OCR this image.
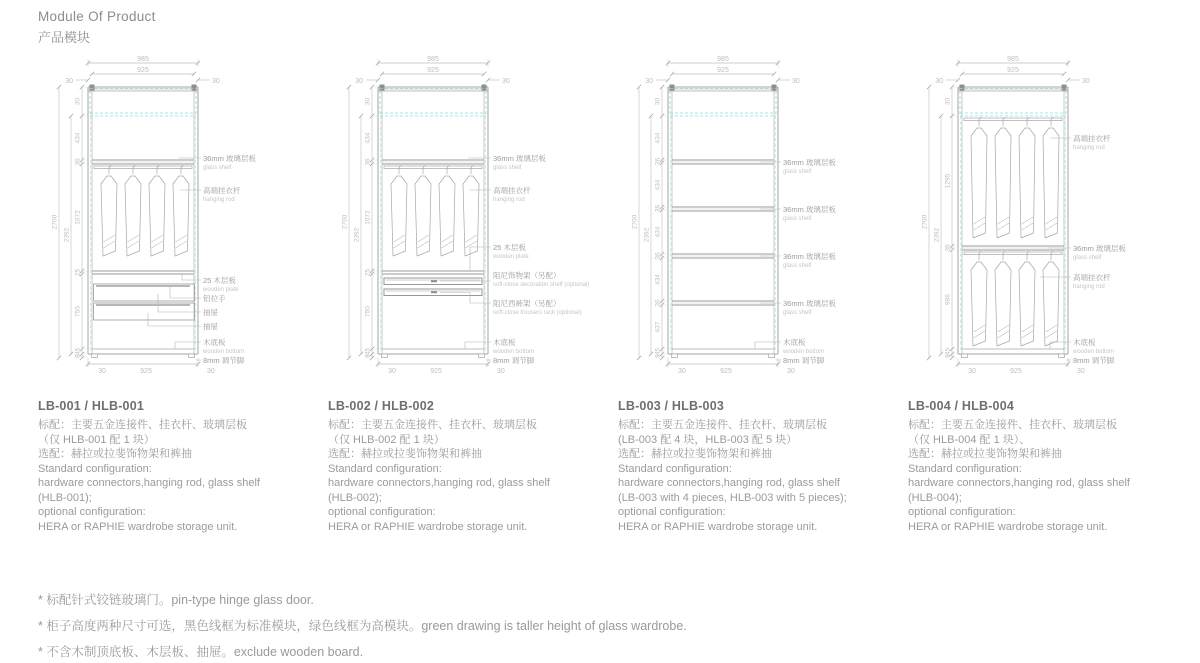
Module Of Product
产品模块
985
925
30	30
30
434
36
1072
25
750
45
8
2392
2700
30	925	30
36mm 玻璃层板
glass shelf
高端挂衣杆
hanging rod
25 木层板
wooden plate
铝拉手
抽屉
抽屉
木底板
wooden bottom
8mm 调节脚
LB-001 / HLB-001

标配：主要五金连接件、挂衣杆、玻璃层板

（仅 HLB-001 配 1 块）

选配：赫拉或拉斐饰物架和裤抽

Standard configuration:

hardware connectors,hanging rod, glass shelf

(HLB-001);

optional configuration:

HERA or RAPHIE wardrobe storage unit.

985
925
30	30
30
434
36
1072
25
750
45
8
2392
2700
30	925	30
36mm 玻璃层板
glass shelf
高端挂衣杆
hanging rod
25 木层板
wooden plate
阻尼饰物架（另配）
soft-close decoration shelf (optional)
阻尼西裤架（另配）
soft-close trousers rack (optional)
木底板
wooden bottom
8mm 调节脚
LB-002 / HLB-002

标配：主要五金连接件、挂衣杆、玻璃层板

（仅 HLB-002 配 1 块）

选配：赫拉或拉斐饰物架和裤抽

Standard configuration:

hardware connectors,hanging rod, glass shelf

(HLB-002);

optional configuration:

HERA or RAPHIE wardrobe storage unit.

985
925
30	30
30
434
36
434
36
434
36
434
36
437
45
8
2392
2700
30	925	30
36mm 玻璃层板
glass shelf
36mm 玻璃层板
glass shelf
36mm 玻璃层板
glass shelf
36mm 玻璃层板
glass shelf
木底板
wooden bottom
8mm 调节脚
LB-003 / HLB-003

标配：主要五金连接件、挂衣杆、玻璃层板

(LB-003 配 4 块，HLB-003 配 5 块）

选配：赫拉或拉斐饰物架和裤抽

Standard configuration:

hardware connectors,hanging rod, glass shelf

(LB-003 with 4 pieces, HLB-003 with 5 pieces);

optional configuration:

HERA or RAPHIE wardrobe storage unit.

985
925
30	30
30
1295
36
986
45
8
2392
2700
30	925	30
高端挂衣杆
hanging rod
36mm 玻璃层板
glass shelf
高端挂衣杆
hanging rod
木底板
wooden bottom
8mm 调节脚
LB-004 / HLB-004

标配：主要五金连接件、挂衣杆、玻璃层板

（仅 HLB-004 配 1 块）、

选配：赫拉或拉斐饰物架和裤抽

Standard configuration:

hardware connectors,hanging rod, glass shelf

(HLB-004);

optional configuration:

HERA or RAPHIE wardrobe storage unit.

* 标配针式铰链玻璃门。pin-type hinge glass door.

* 柜子高度两种尺寸可选，黑色线框为标准模块，绿色线框为高模块。green drawing is taller height of glass wardrobe.

* 不含木制顶底板、木层板、抽屉。exclude wooden board.
